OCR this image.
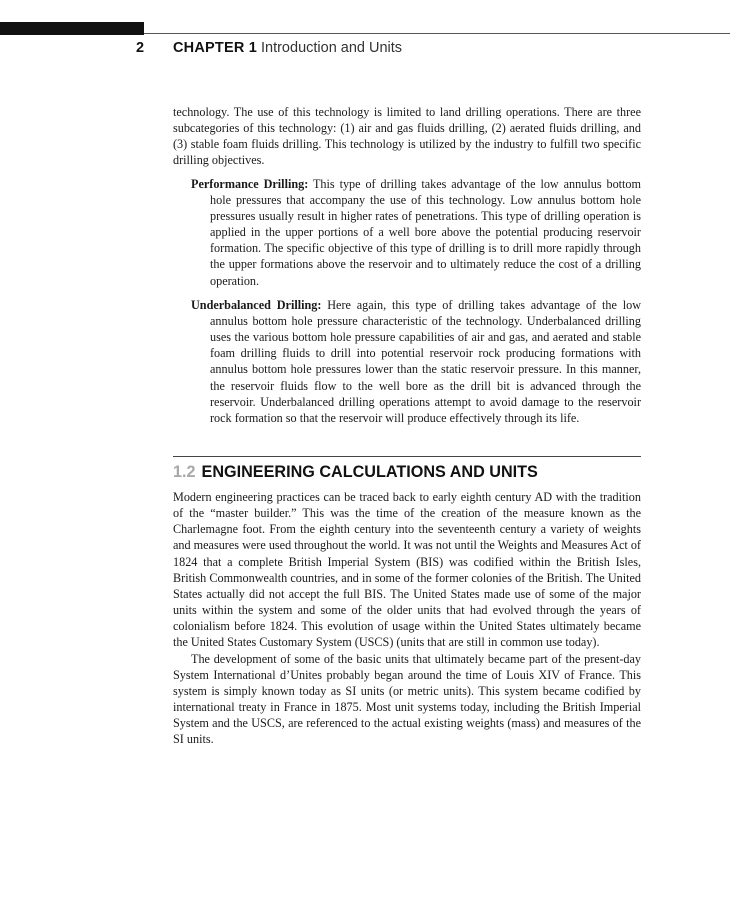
2 CHAPTER 1 Introduction and Units

technology. The use of this technology is limited to land drilling operations. There are three subcategories of this technology: (1) air and gas fluids drilling, (2) aerated fluids drilling, and (3) stable foam fluids drilling. This technology is utilized by the industry to fulfill two specific drilling objectives.

Performance Drilling: This type of drilling takes advantage of the low annulus bottom hole pressures that accompany the use of this technology. Low annulus bottom hole pressures usually result in higher rates of penetrations. This type of drilling operation is applied in the upper portions of a well bore above the potential producing reservoir formation. The specific objective of this type of drilling is to drill more rapidly through the upper formations above the reservoir and to ultimately reduce the cost of a drilling operation.

Underbalanced Drilling: Here again, this type of drilling takes advantage of the low annulus bottom hole pressure characteristic of the technology. Underbalanced drilling uses the various bottom hole pressure capabilities of air and gas, and aerated and stable foam drilling fluids to drill into potential reservoir rock producing formations with annulus bottom hole pressures lower than the static reservoir pressure. In this manner, the reservoir fluids flow to the well bore as the drill bit is advanced through the reservoir. Underbalanced drilling operations attempt to avoid damage to the reservoir rock formation so that the reservoir will produce effectively through its life.

1.2 ENGINEERING CALCULATIONS AND UNITS

Modern engineering practices can be traced back to early eighth century AD with the tradition of the “master builder.” This was the time of the creation of the measure known as the Charlemagne foot. From the eighth century into the seventeenth century a variety of weights and measures were used throughout the world. It was not until the Weights and Measures Act of 1824 that a complete British Imperial System (BIS) was codified within the British Isles, British Commonwealth countries, and in some of the former colonies of the British. The United States actually did not accept the full BIS. The United States made use of some of the major units within the system and some of the older units that had evolved through the years of colonialism before 1824. This evolution of usage within the United States ultimately became the United States Customary System (USCS) (units that are still in common use today).

The development of some of the basic units that ultimately became part of the present-day System International d’Unites probably began around the time of Louis XIV of France. This system is simply known today as SI units (or metric units). This system became codified by international treaty in France in 1875. Most unit systems today, including the British Imperial System and the USCS, are referenced to the actual existing weights (mass) and measures of the SI units.
